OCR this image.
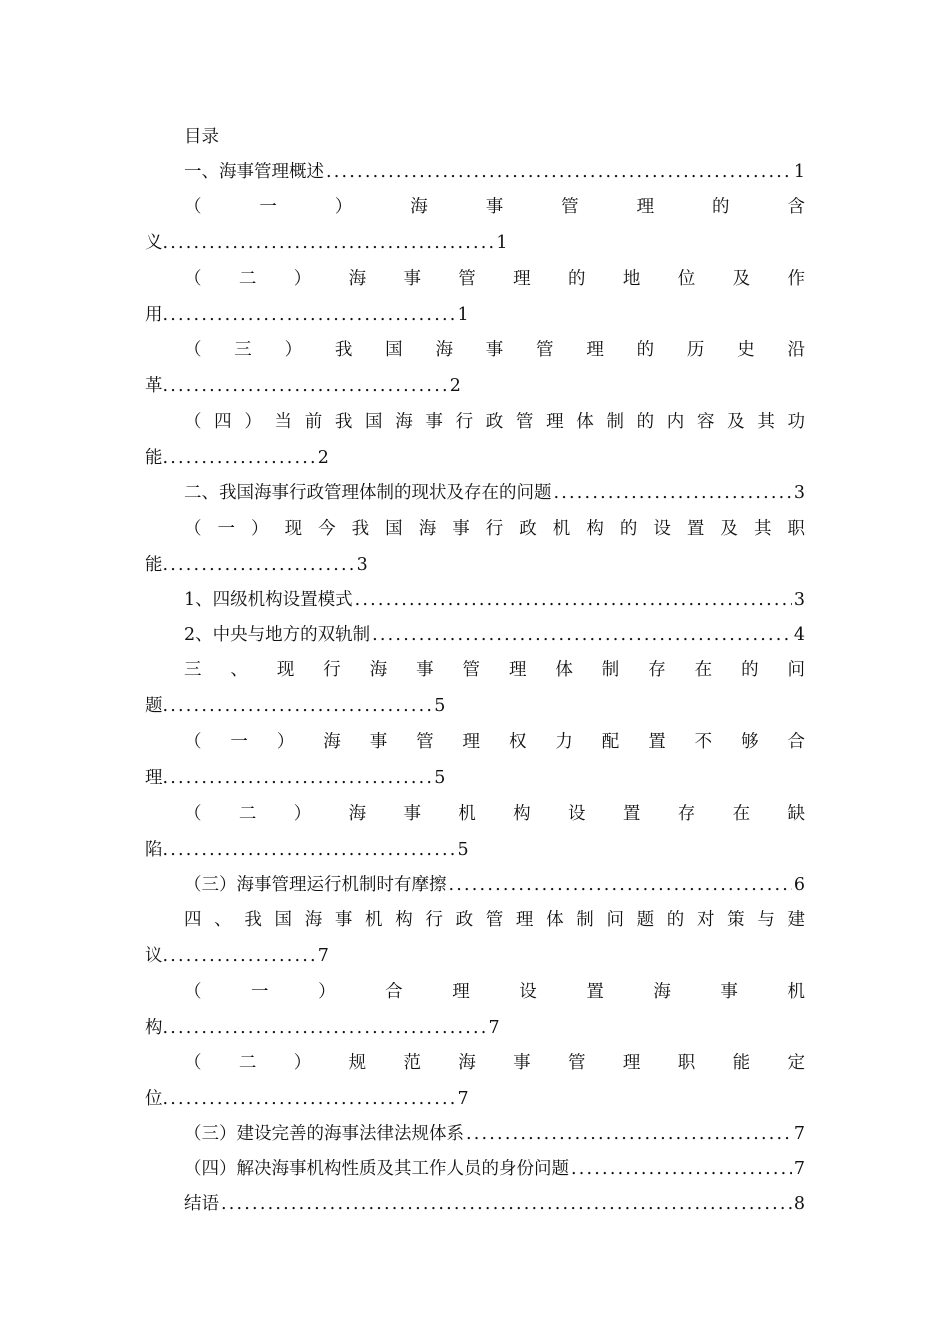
目录
一、海事管理概述 .....	1
（ 一 ） 海 事 管 理 的 含
义...........................................1
（ 二 ） 海 事 管 理 的 地 位 及 作
用......................................1
（ 三 ） 我 国 海 事 管 理 的 历 史 沿
革.....................................2
（ 四 ） 当 前 我 国 海 事 行 政 管 理 体 制 的 内 容 及 其 功
能....................2
二、我国海事行政管理体制的现状及存在的问题 .....	3
（ 一 ） 现 今 我 国 海 事 行 政 机 构 的 设 置 及 其 职
能.........................3
1、四级机构设置模式 .....	3
2、中央与地方的双轨制 .....	4
三 、 现 行 海 事 管 理 体 制 存 在 的 问
题...................................5
（ 一 ） 海 事 管 理 权 力 配 置 不 够 合
理...................................5
（ 二 ） 海 事 机 构 设 置 存 在 缺
陷......................................5
（三）海事管理运行机制时有摩擦 .....	6
四 、 我 国 海 事 机 构 行 政 管 理 体 制 问 题 的 对 策 与 建
议....................7
（ 一 ） 合 理 设 置 海 事 机
构..........................................7
（ 二 ） 规 范 海 事 管 理 职 能 定
位......................................7
（三）建设完善的海事法律法规体系 .....	7
（四）解决海事机构性质及其工作人员的身份问题 .....	7
结语 .....	8
